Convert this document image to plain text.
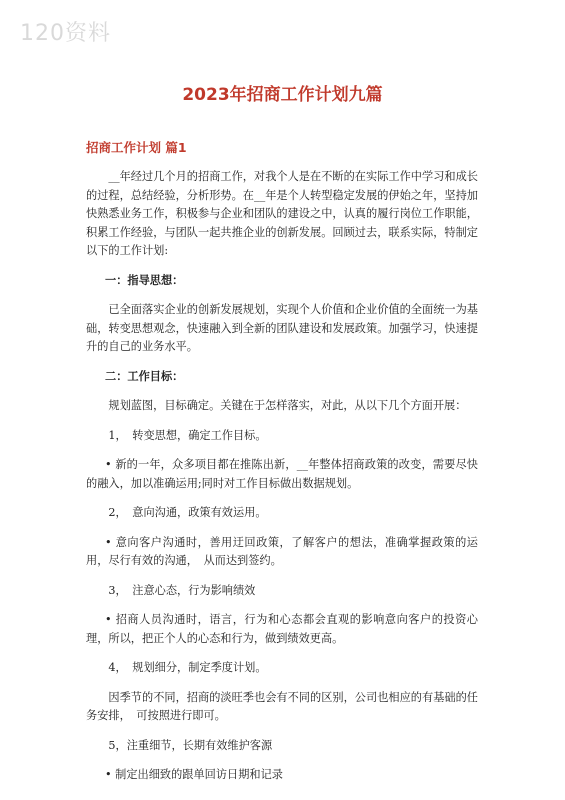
120资料
2023年招商工作计划九篇
招商工作计划 篇1

__年经过几个月的招商工作，对我个人是在不断的在实际工作中学习和成长的过程，总结经验，分析形势。在__年是个人转型稳定发展的伊始之年，坚持加快熟悉业务工作，积极参与企业和团队的建设之中，认真的履行岗位工作职能，积累工作经验，与团队一起共推企业的创新发展。回顾过去，联系实际，特制定以下的工作计划:

一：指导思想：

已全面落实企业的创新发展规划，实现个人价值和企业价值的全面统一为基础，转变思想观念，快速融入到全新的团队建设和发展政策。加强学习，快速提升的自己的业务水平。

二：工作目标：

规划蓝图，目标确定。关键在于怎样落实，对此，从以下几个方面开展：

1，　转变思想，确定工作目标。

• 新的一年，众多项目都在推陈出新，__年整体招商政策的改变，需要尽快的融入，加以准确运用;同时对工作目标做出数据规划。

2，　意向沟通，政策有效运用。

• 意向客户沟通时，善用迂回政策，了解客户的想法，准确掌握政策的运用，尽行有效的沟通，　从而达到签约。

3，　注意心态，行为影响绩效

• 招商人员沟通时，语言，行为和心态都会直观的影响意向客户的投资心理，所以，把正个人的心态和行为，做到绩效更高。

4，　规划细分，制定季度计划。

因季节的不同，招商的淡旺季也会有不同的区别，公司也相应的有基础的任务安排，　可按照进行即可。

5，注重细节，长期有效维护客源

• 制定出细致的跟单回访日期和记录
